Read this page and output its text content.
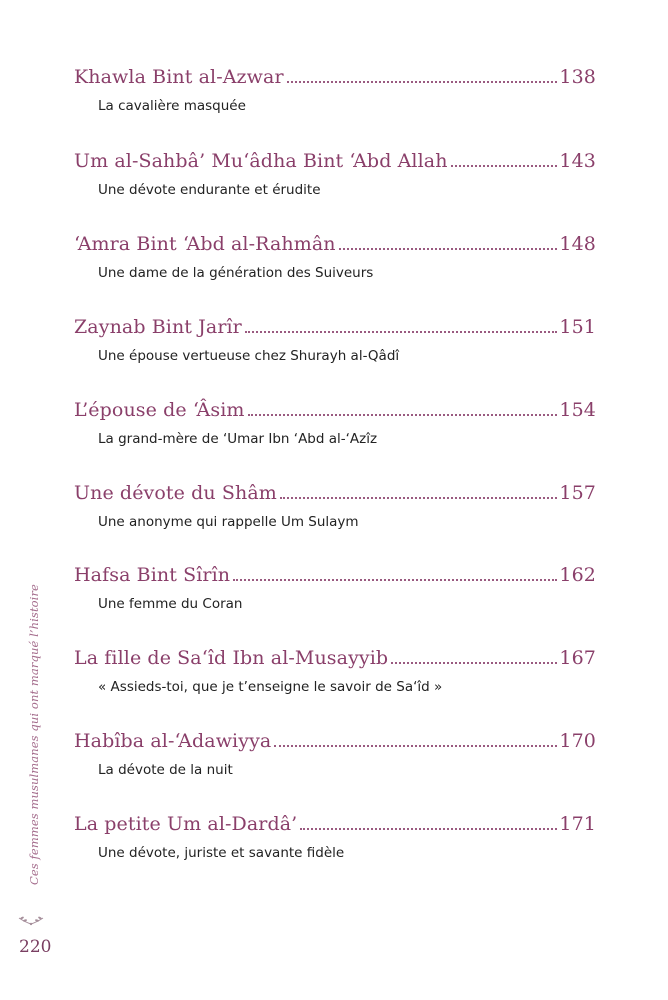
Khawla Bint al-Azwar	138
La cavalière masquée
Um al-Sahbâ’ Mu‘âdha Bint ‘Abd Allah	143
Une dévote endurante et érudite
‘Amra Bint ‘Abd al-Rahmân	148
Une dame de la génération des Suiveurs
Zaynab Bint Jarîr	151
Une épouse vertueuse chez Shurayh al-Qâdî
L’épouse de ‘Âsim	154
La grand-mère de ‘Umar Ibn ‘Abd al-‘Azîz
Une dévote du Shâm	157
Une anonyme qui rappelle Um Sulaym
Hafsa Bint Sîrîn	162
Une femme du Coran
La fille de Sa‘îd Ibn al-Musayyib	167
« Assieds-toi, que je t’enseigne le savoir de Sa‘îd »
Habîba al-‘Adawiyya	170
La dévote de la nuit
La petite Um al-Dardâ’	171
Une dévote, juriste et savante fidèle
Ces femmes musulmanes qui ont marqué l’histoire
220
